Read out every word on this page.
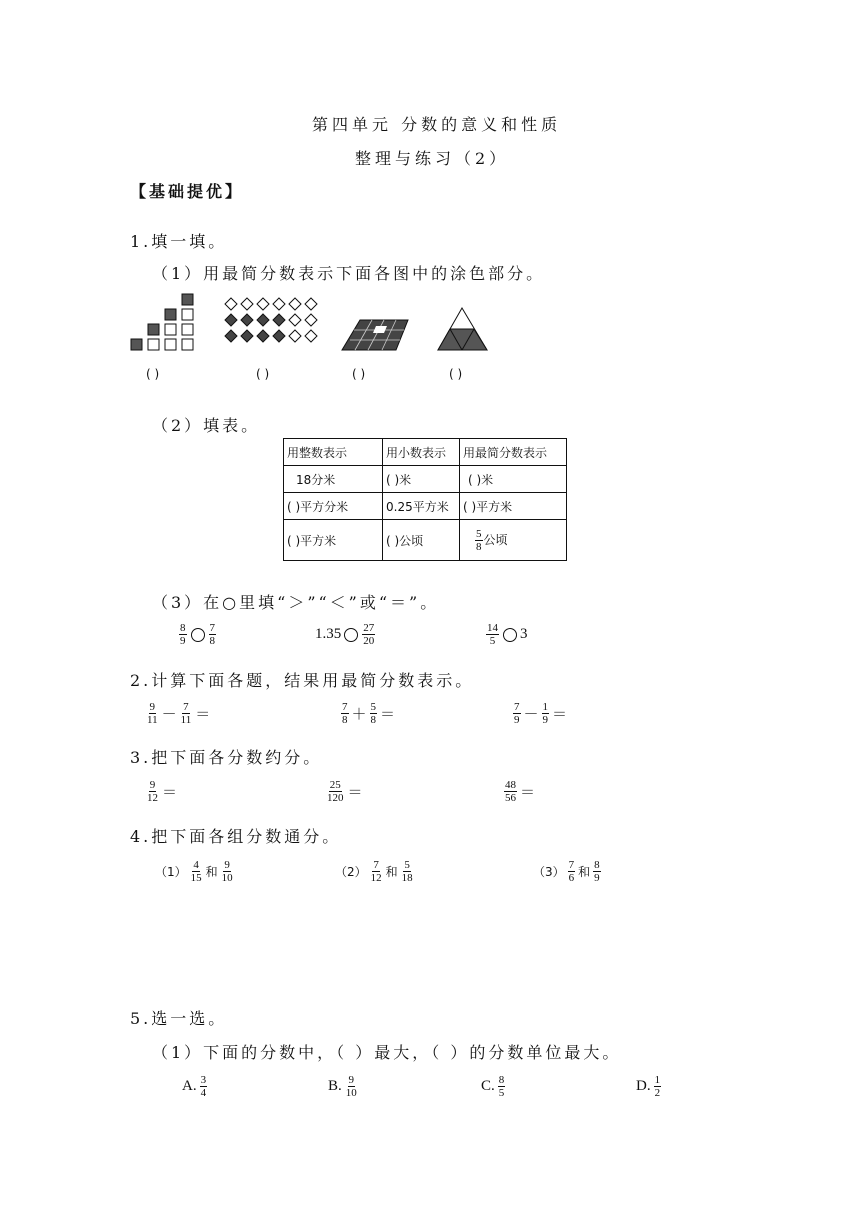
第四单元 分数的意义和性质
整理与练习（2）
【基础提优】
1.填一填。
（1）用最简分数表示下面各图中的涂色部分。
( )	( )	( )	( )
（2）填表。
用整数表示	用小数表示	用最简分数表示
18分米	( )米	( )米
( )平方分米	0.25平方米	( )平方米
( )平方米	( )公顷	$\frac{5}{8}$ 公顷
（3）在○里填“＞”“＜”或“＝”。
$\frac{8}{9} \frac{7}{8}$	$1.35 \frac{27}{20}$	$\frac{14}{5} 3$
2.计算下面各题，结果用最简分数表示。
$\frac{9}{11} - \frac{7}{11}$ ＝	$\frac{7}{8} + \frac{5}{8}$ ＝	$\frac{7}{9} - \frac{1}{9}$ ＝
3.把下面各分数约分。
$\frac{9}{12}$ ＝	$\frac{25}{120}$ ＝	$\frac{48}{56}$ ＝
4.把下面各组分数通分。
$(1) \frac{4}{15}$ 和 $\frac{9}{10}$	$(2) \frac{7}{12}$ 和 $\frac{5}{18}$	$(3) \frac{7}{6}$ 和 $\frac{8}{9}$
5.选一选。
（1）下面的分数中，（ ）最大，（ ）的分数单位最大。
A. $\frac{3}{4}$	B. $\frac{9}{10}$	C. $\frac{8}{5}$	D. $\frac{1}{2}$
